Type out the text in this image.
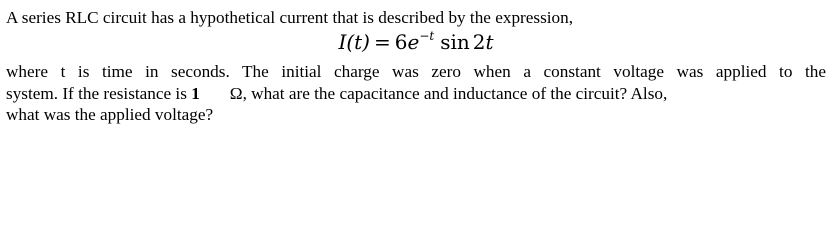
A series RLC circuit has a hypothetical current that is described by the expression,
$I(t) = 6e^{-t}$ sin 2t
where t is time in seconds. The initial charge was zero when a constant voltage was applied to the
system. If the resistance is 1 Ω, what are the capacitance and inductance of the circuit? Also,
what was the applied voltage?
